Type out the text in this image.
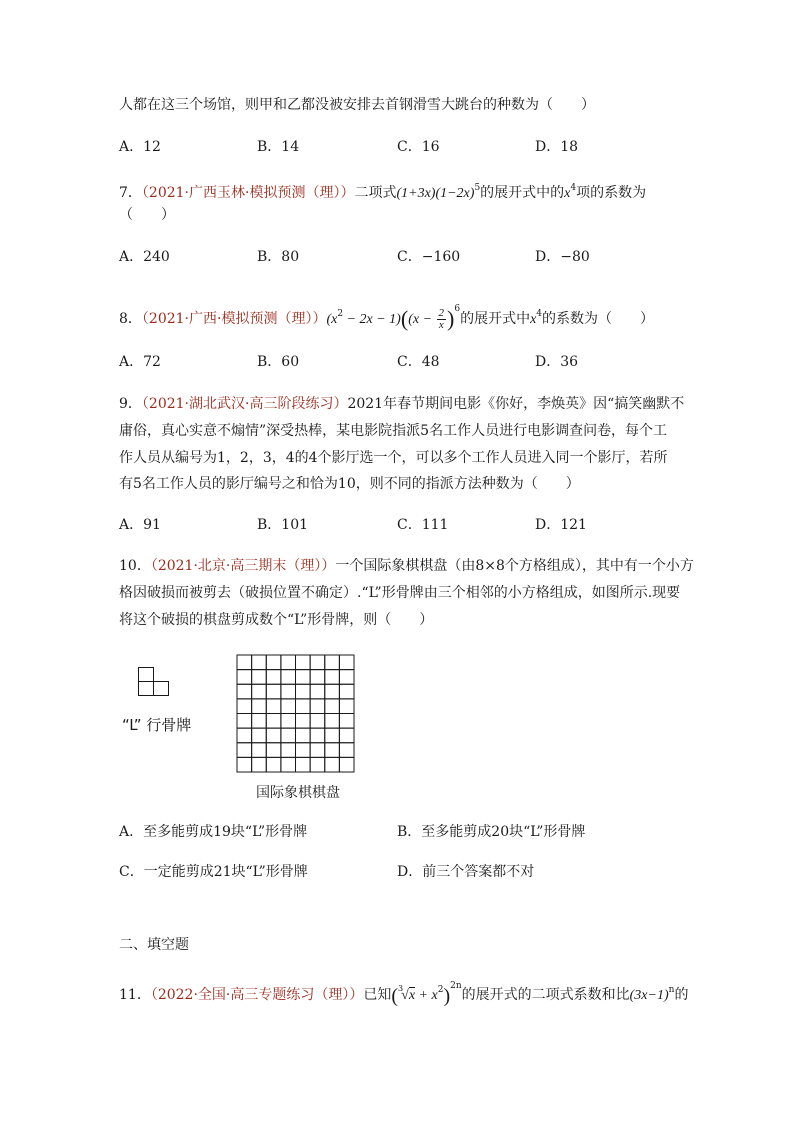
人都在这三个场馆，则甲和乙都没被安排去首钢滑雪大跳台的种数为（　　）
A．12	B．14	C．16	D．18
7．（2021·广西玉林·模拟预测（理））二项式$(1+3x)(1-2x)^5$的展开式中的$x^4$项的系数为
（　　）
A．240	B．80	C．−160	D．−80
8．（2021·广西·模拟预测（理））$(x^2 - 2x - 1)((x - \frac{2}{x} )^6$的展开式中$x^4$的系数为（　　）
A．72	B．60	C．48	D．36
9．（2021·湖北武汉·高三阶段练习）2021年春节期间电影《你好，李焕英》因“搞笑幽默不
庸俗，真心实意不煽情”深受热棒，某电影院指派5名工作人员进行电影调查问卷，每个工
作人员从编号为1，2，3，4的4个影厅选一个，可以多个工作人员进入同一个影厅，若所
有5名工作人员的影厅编号之和恰为10，则不同的指派方法种数为（　　）
A．91	B．101	C．111	D．121
10．（2021·北京·高三期末（理））一个国际象棋棋盘（由8×8个方格组成），其中有一个小方
格因破损而被剪去（破损位置不确定）.“L”形骨牌由三个相邻的小方格组成，如图所示.现要
将这个破损的棋盘剪成数个“L”形骨牌，则（　　）
“L” 行骨牌
国际象棋棋盘
A．至多能剪成19块“L”形骨牌	B．至多能剪成20块“L”形骨牌
C．一定能剪成21块“L”形骨牌	D．前三个答案都不对
二、填空题
11．（2022·全国·高三专题练习（理））已知$(^3√x + x^2)^{2n}$的展开式的二项式系数和比$(3x-1)^n$的
